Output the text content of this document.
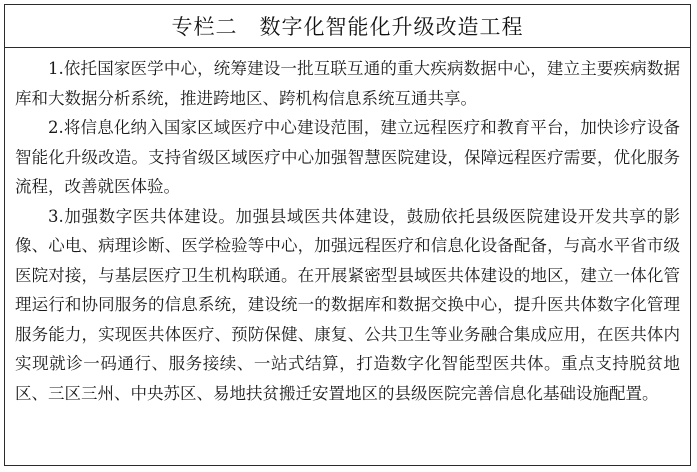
专栏二　数字化智能化升级改造工程

1.依托国家医学中心，统筹建设一批互联互通的重大疾病数据中心，建立主要疾病数据库和大数据分析系统，推进跨地区、跨机构信息系统互通共享。

2.将信息化纳入国家区域医疗中心建设范围，建立远程医疗和教育平台，加快诊疗设备智能化升级改造。支持省级区域医疗中心加强智慧医院建设，保障远程医疗需要，优化服务流程，改善就医体验。

3.加强数字医共体建设。加强县域医共体建设，鼓励依托县级医院建设开发共享的影像、心电、病理诊断、医学检验等中心，加强远程医疗和信息化设备配备，与高水平省市级医院对接，与基层医疗卫生机构联通。在开展紧密型县域医共体建设的地区，建立一体化管理运行和协同服务的信息系统，建设统一的数据库和数据交换中心，提升医共体数字化管理服务能力，实现医共体医疗、预防保健、康复、公共卫生等业务融合集成应用，在医共体内实现就诊一码通行、服务接续、一站式结算，打造数字化智能型医共体。重点支持脱贫地区、三区三州、中央苏区、易地扶贫搬迁安置地区的县级医院完善信息化基础设施配置。
